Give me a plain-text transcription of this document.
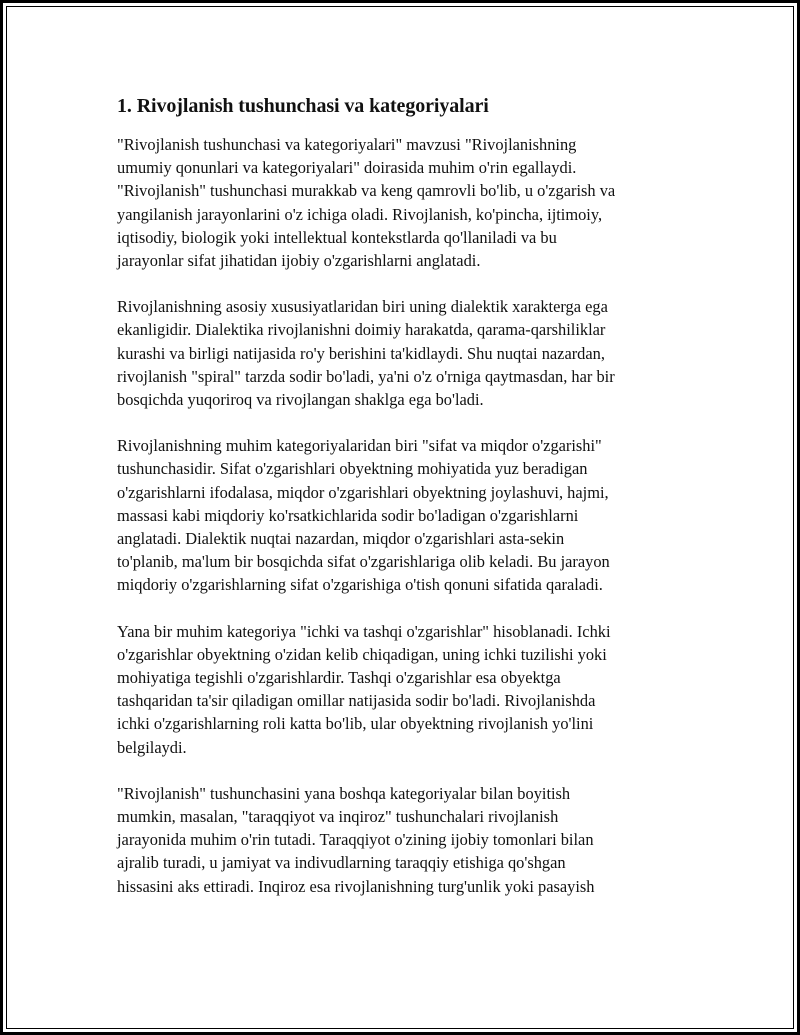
1. Rivojlanish tushunchasi va kategoriyalari
"Rivojlanish tushunchasi va kategoriyalari" mavzusi "Rivojlanishning
umumiy qonunlari va kategoriyalari" doirasida muhim o'rin egallaydi.
"Rivojlanish" tushunchasi murakkab va keng qamrovli bo'lib, u o'zgarish va
yangilanish jarayonlarini o'z ichiga oladi. Rivojlanish, ko'pincha, ijtimoiy,
iqtisodiy, biologik yoki intellektual kontekstlarda qo'llaniladi va bu
jarayonlar sifat jihatidan ijobiy o'zgarishlarni anglatadi.
Rivojlanishning asosiy xususiyatlaridan biri uning dialektik xarakterga ega
ekanligidir. Dialektika rivojlanishni doimiy harakatda, qarama-qarshiliklar
kurashi va birligi natijasida ro'y berishini ta'kidlaydi. Shu nuqtai nazardan,
rivojlanish "spiral" tarzda sodir bo'ladi, ya'ni o'z o'rniga qaytmasdan, har bir
bosqichda yuqoriroq va rivojlangan shaklga ega bo'ladi.
Rivojlanishning muhim kategoriyalaridan biri "sifat va miqdor o'zgarishi"
tushunchasidir. Sifat o'zgarishlari obyektning mohiyatida yuz beradigan
o'zgarishlarni ifodalasa, miqdor o'zgarishlari obyektning joylashuvi, hajmi,
massasi kabi miqdoriy ko'rsatkichlarida sodir bo'ladigan o'zgarishlarni
anglatadi. Dialektik nuqtai nazardan, miqdor o'zgarishlari asta-sekin
to'planib, ma'lum bir bosqichda sifat o'zgarishlariga olib keladi. Bu jarayon
miqdoriy o'zgarishlarning sifat o'zgarishiga o'tish qonuni sifatida qaraladi.
Yana bir muhim kategoriya "ichki va tashqi o'zgarishlar" hisoblanadi. Ichki
o'zgarishlar obyektning o'zidan kelib chiqadigan, uning ichki tuzilishi yoki
mohiyatiga tegishli o'zgarishlardir. Tashqi o'zgarishlar esa obyektga
tashqaridan ta'sir qiladigan omillar natijasida sodir bo'ladi. Rivojlanishda
ichki o'zgarishlarning roli katta bo'lib, ular obyektning rivojlanish yo'lini
belgilaydi.
"Rivojlanish" tushunchasini yana boshqa kategoriyalar bilan boyitish
mumkin, masalan, "taraqqiyot va inqiroz" tushunchalari rivojlanish
jarayonida muhim o'rin tutadi. Taraqqiyot o'zining ijobiy tomonlari bilan
ajralib turadi, u jamiyat va indivudlarning taraqqiy etishiga qo'shgan
hissasini aks ettiradi. Inqiroz esa rivojlanishning turg'unlik yoki pasayish
